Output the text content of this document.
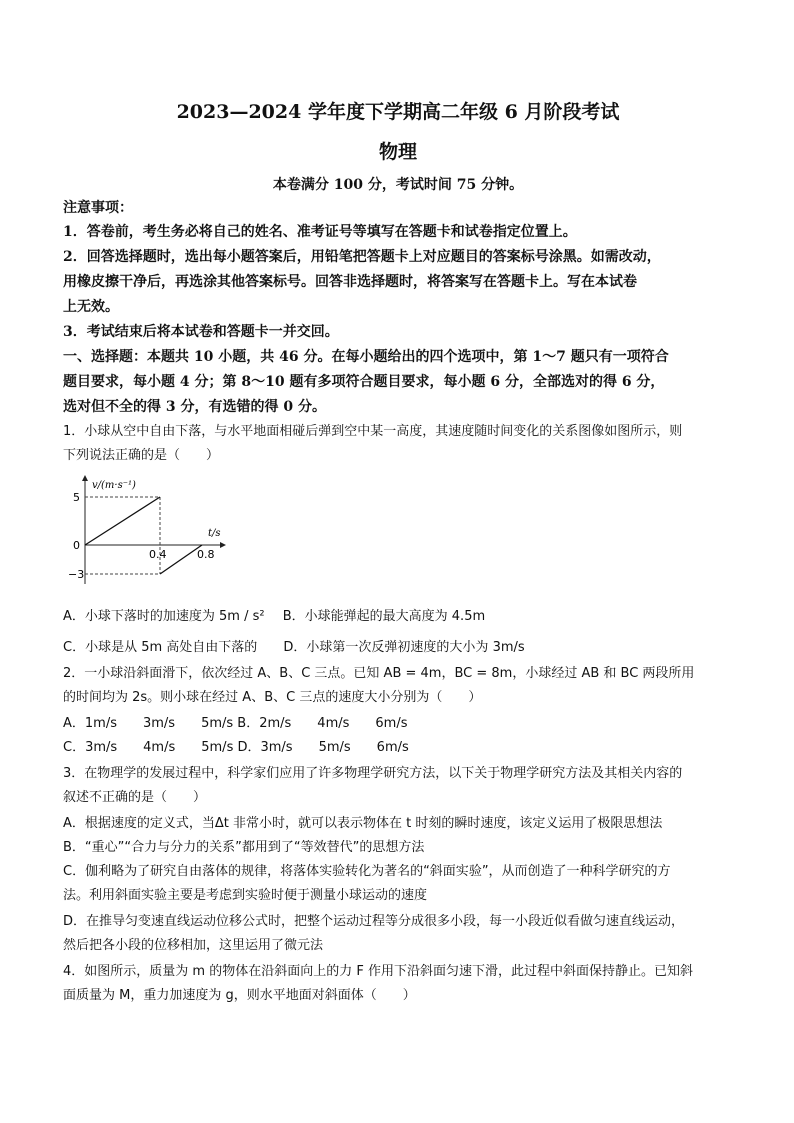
2023—2024 学年度下学期高二年级 6 月阶段考试
物理
本卷满分 100 分，考试时间 75 分钟。
注意事项：
1．答卷前，考生务必将自己的姓名、准考证号等填写在答题卡和试卷指定位置上。
2．回答选择题时，选出每小题答案后，用铅笔把答题卡上对应题目的答案标号涂黑。如需改动，
用橡皮擦干净后，再选涂其他答案标号。回答非选择题时，将答案写在答题卡上。写在本试卷
上无效。
3．考试结束后将本试卷和答题卡一并交回。
一、选择题：本题共 10 小题，共 46 分。在每小题给出的四个选项中，第 1～7 题只有一项符合
题目要求，每小题 4 分；第 8～10 题有多项符合题目要求，每小题 6 分，全部选对的得 6 分，
选对但不全的得 3 分，有选错的得 0 分。
1．小球从空中自由下落，与水平地面相碰后弹到空中某一高度，其速度随时间变化的关系图像如图所示，则
下列说法正确的是（　　）
v/(m·s⁻¹)
t/s
5
0
−3
0.4	0.8
A．小球下落时的加速度为 5m / s² B．小球能弹起的最大高度为 4.5m
C．小球是从 5m 高处自由下落的 D．小球第一次反弹初速度的大小为 3m/s
2．一小球沿斜面滑下，依次经过 A、B、C 三点。已知 AB = 4m，BC = 8m，小球经过 AB 和 BC 两段所用
的时间均为 2s。则小球在经过 A、B、C 三点的速度大小分别为（　　）
A．1m/s　　3m/s　　5m/s B．2m/s　　4m/s　　6m/s
C．3m/s　　4m/s　　5m/s D．3m/s　　5m/s　　6m/s
3．在物理学的发展过程中，科学家们应用了许多物理学研究方法，以下关于物理学研究方法及其相关内容的
叙述不正确的是（　　）
A．根据速度的定义式，当Δt 非常小时，就可以表示物体在 t 时刻的瞬时速度，该定义运用了极限思想法
B．“重心”“合力与分力的关系”都用到了“等效替代”的思想方法
C．伽利略为了研究自由落体的规律，将落体实验转化为著名的“斜面实验”，从而创造了一种科学研究的方
法。利用斜面实验主要是考虑到实验时便于测量小球运动的速度
D．在推导匀变速直线运动位移公式时，把整个运动过程等分成很多小段，每一小段近似看做匀速直线运动，
然后把各小段的位移相加，这里运用了微元法
4．如图所示，质量为 m 的物体在沿斜面向上的力 F 作用下沿斜面匀速下滑，此过程中斜面保持静止。已知斜
面质量为 M，重力加速度为 g，则水平地面对斜面体（　　）
